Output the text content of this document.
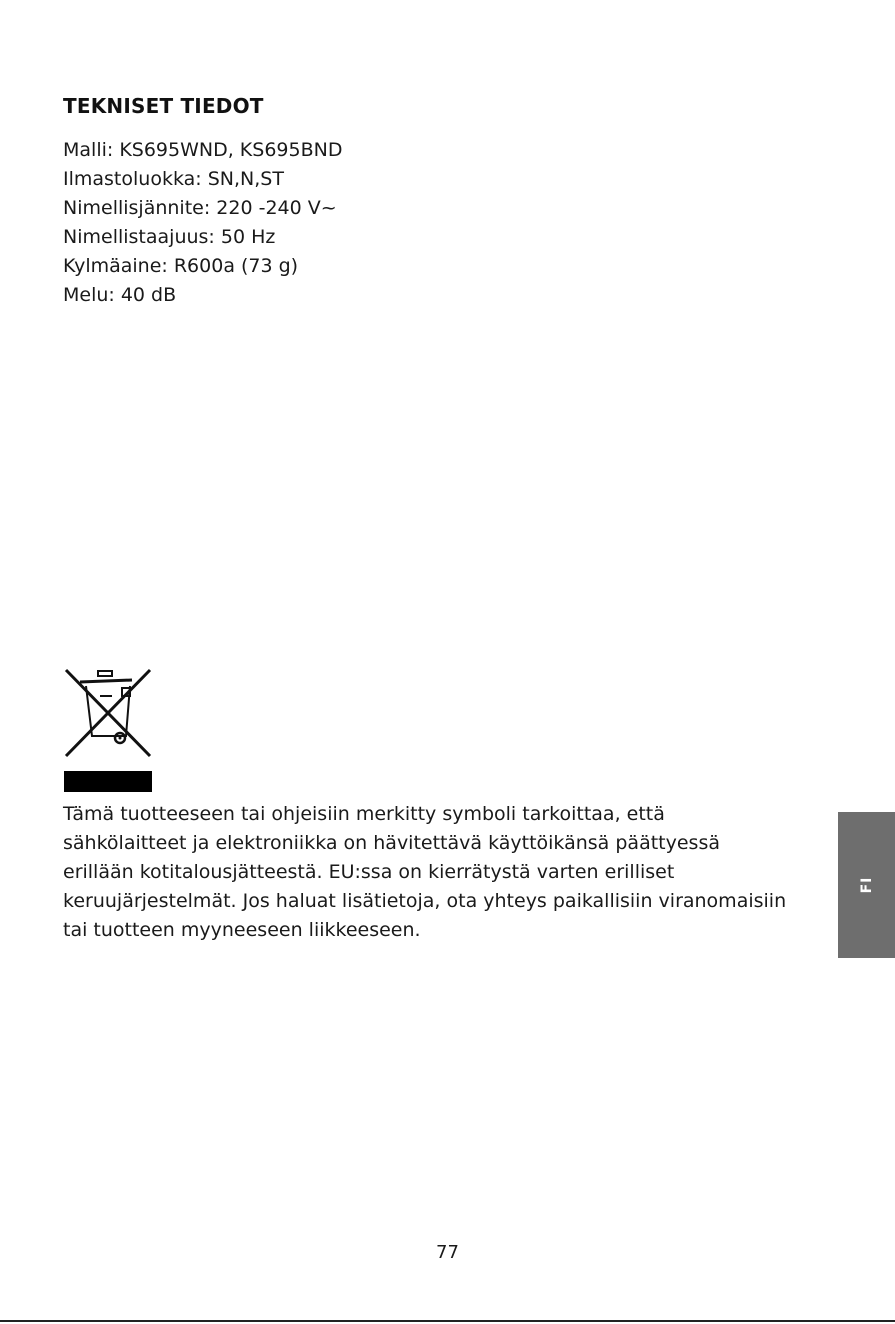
TEKNISET TIEDOT
Malli: KS695WND, KS695BND
Ilmastoluokka: SN,N,ST
Nimellisjännite: 220 -240 V~
Nimellistaajuus: 50 Hz
Kylmäaine: R600a (73 g)
Melu: 40 dB
Tämä tuotteeseen tai ohjeisiin merkitty symboli tarkoittaa, että
sähkölaitteet ja elektroniikka on hävitettävä käyttöikänsä päättyessä
erillään kotitalousjätteestä. EU:ssa on kierrätystä varten erilliset
keruujärjestelmät. Jos haluat lisätietoja, ota yhteys paikallisiin viranomaisiin
tai tuotteen myyneeseen liikkeeseen.
FI
77
